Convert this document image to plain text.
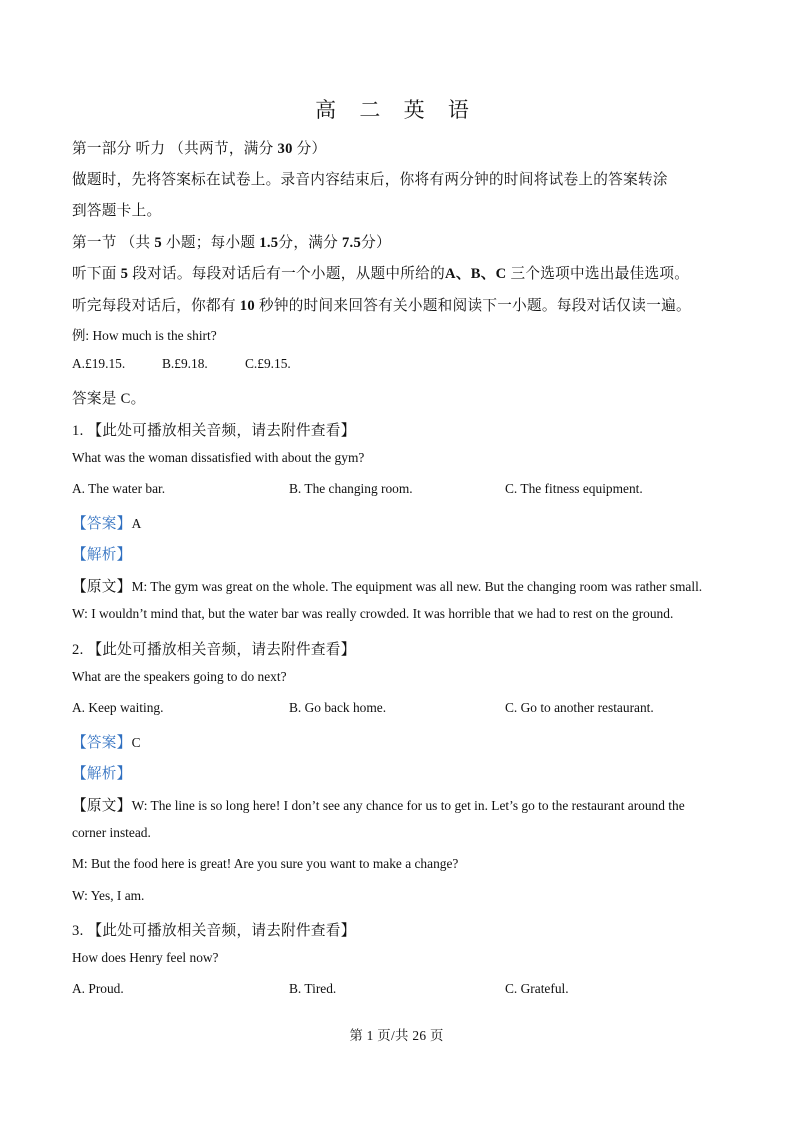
高 二 英 语
第一部分 听力 （共两节，满分 30 分）
做题时，先将答案标在试卷上。录音内容结束后，你将有两分钟的时间将试卷上的答案转涂
到答题卡上。
第一节 （共 5 小题；每小题 1.5分，满分 7.5分）
听下面 5 段对话。每段对话后有一个小题，从题中所给的A、B、C 三个选项中选出最佳选项。
听完每段对话后，你都有 10 秒钟的时间来回答有关小题和阅读下一小题。每段对话仅读一遍。
例: How much is the shirt?
A.£19.15.	B.£9.18.	C.£9.15.
答案是 C。
1. 【此处可播放相关音频，请去附件查看】
What was the woman dissatisfied with about the gym?
A. The water bar.	B. The changing room.	C. The fitness equipment.
【答案】A
【解析】
【原文】M: The gym was great on the whole. The equipment was all new. But the changing room was rather small.
W: I wouldn’t mind that, but the water bar was really crowded. It was horrible that we had to rest on the ground.
2. 【此处可播放相关音频，请去附件查看】
What are the speakers going to do next?
A. Keep waiting.	B. Go back home.	C. Go to another restaurant.
【答案】C
【解析】
【原文】W: The line is so long here! I don’t see any chance for us to get in. Let’s go to the restaurant around the
corner instead.
M: But the food here is great! Are you sure you want to make a change?
W: Yes, I am.
3. 【此处可播放相关音频，请去附件查看】
How does Henry feel now?
A. Proud.	B. Tired.	C. Grateful.
第 1 页/共 26 页
